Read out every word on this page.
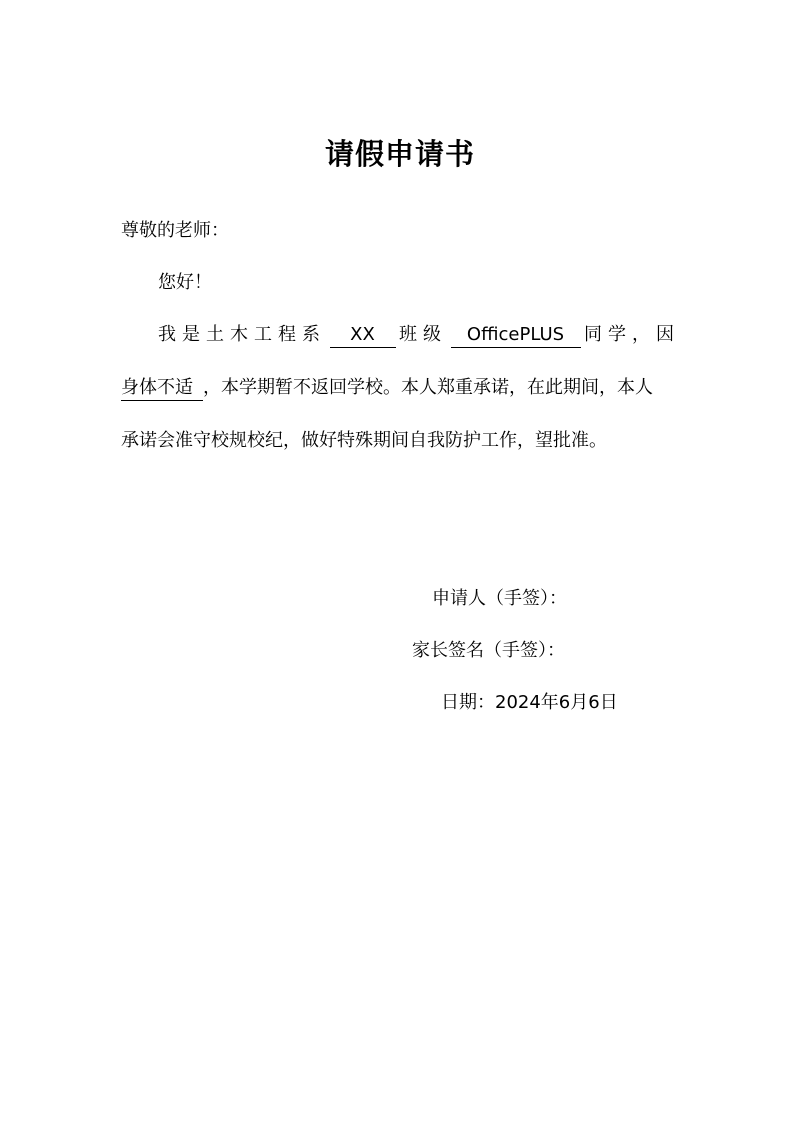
请假申请书
尊敬的老师：
您好！
我是土木工程系	XX	班级	OfficePLUS	同学，因
身体不适 ，本学期暂不返回学校。本人郑重承诺，在此期间，本人
承诺会准守校规校纪，做好特殊期间自我防护工作，望批准。
申请人（手签）：
家长签名（手签）：
日期：2024年6月6日
